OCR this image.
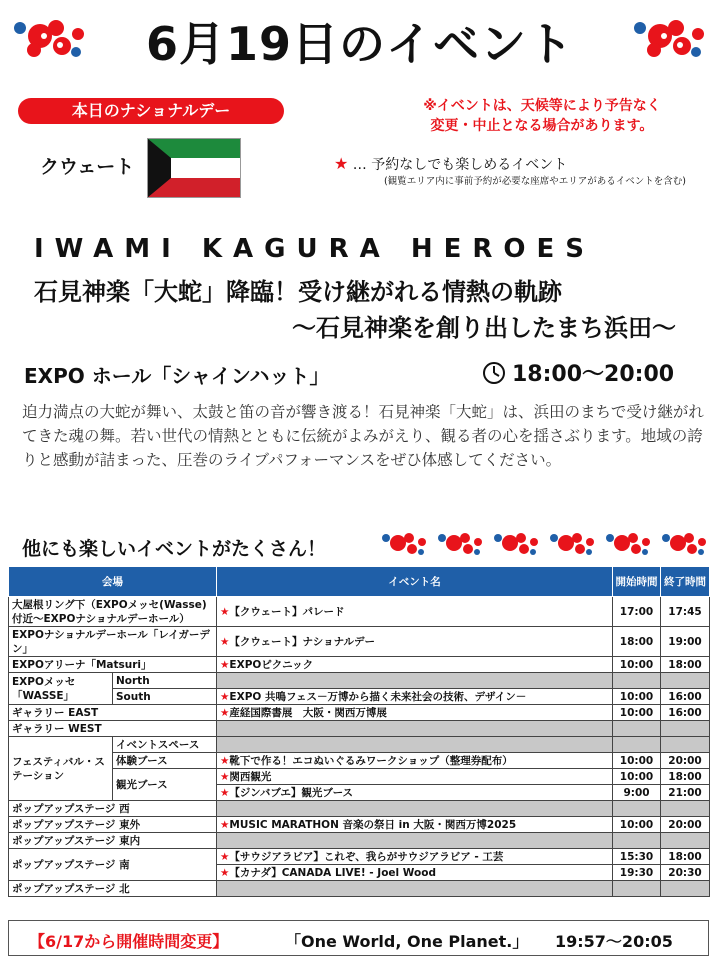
6月19日のイベント
本日のナショナルデー	※イベントは、天候等により予告なく
変更・中止となる場合があります。
クウェート	★ … 予約なしでも楽しめるイベント
(観覧エリア内に事前予約が必要な座席やエリアがあるイベントを含む)
IWAMI KAGURA HEROES
石見神楽「大蛇」降臨！受け継がれる情熱の軌跡
～石見神楽を創り出したまち浜田～
EXPO ホール「シャインハット」	18:00～20:00
迫力満点の大蛇が舞い、太鼓と笛の音が響き渡る！石見神楽「大蛇」は、浜田のまちで受け継がれてきた魂の舞。若い世代の情熱とともに伝統がよみがえり、観る者の心を揺さぶります。地域の誇りと感動が詰まった、圧巻のライブパフォーマンスをぜひ体感してください。
他にも楽しいイベントがたくさん！
会場		イベント名	開始時間	終了時間
大屋根リング下（EXPOメッセ(Wasse)付近～EXPOナショナルデーホール）		★【クウェート】パレード	17:00	17:45
EXPOナショナルデーホール「レイガーデン」		★【クウェート】ナショナルデー	18:00	19:00
EXPOアリーナ「Matsuri」		★EXPOピクニック	10:00	18:00
EXPOメッセ「WASSE」	North			
	South	★EXPO 共鳴フェス－万博から描く未来社会の技術、デザイン－	10:00	16:00
ギャラリー EAST		★産経国際書展　大阪・関西万博展	10:00	16:00
ギャラリー WEST				
フェスティバル・ステーション	イベントスペース			
	体験ブース	★靴下で作る！エコぬいぐるみワークショップ（整理券配布）	10:00	20:00
	観光ブース	★関西観光	10:00	18:00
		★【ジンバブエ】観光ブース	9:00	21:00
ポップアップステージ 西				
ポップアップステージ 東外		★MUSIC MARATHON 音楽の祭日 in 大阪・関西万博2025	10:00	20:00
ポップアップステージ 東内				
ポップアップステージ 南		★【サウジアラビア】これぞ、我らがサウジアラビア - 工芸	15:30	18:00
		★【カナダ】CANADA LIVE! - Joel Wood	19:30	20:30
ポップアップステージ 北				
【6/17から開催時間変更】	「One World, One Planet.」 19:57～20:05
